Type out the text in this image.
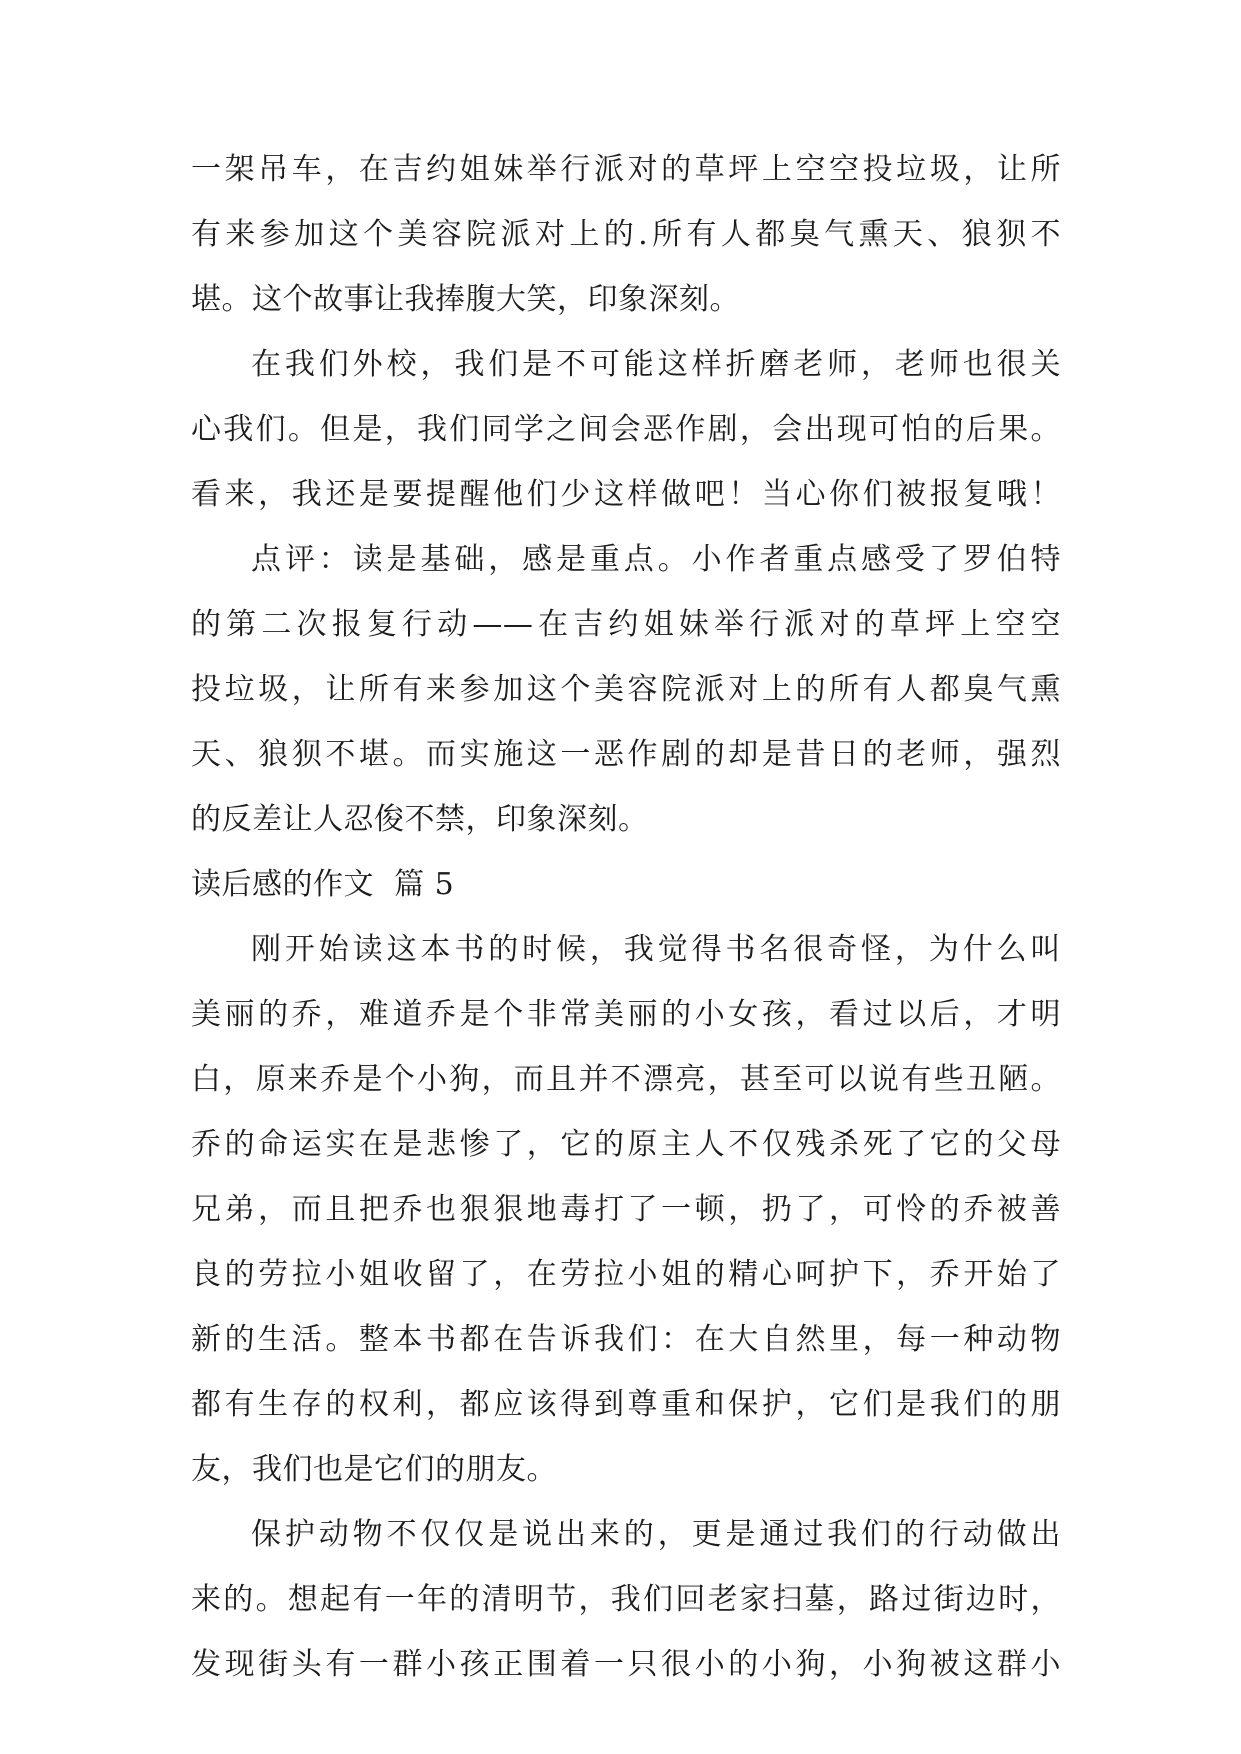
一架吊车，在吉约姐妹举行派对的草坪上空空投垃圾，让所
有来参加这个美容院派对上的.所有人都臭气熏天、狼狈不
堪。这个故事让我捧腹大笑，印象深刻。
在我们外校，我们是不可能这样折磨老师，老师也很关
心我们。但是，我们同学之间会恶作剧，会出现可怕的后果。
看来，我还是要提醒他们少这样做吧！当心你们被报复哦！
点评：读是基础，感是重点。小作者重点感受了罗伯特
的第二次报复行动——在吉约姐妹举行派对的草坪上空空
投垃圾，让所有来参加这个美容院派对上的所有人都臭气熏
天、狼狈不堪。而实施这一恶作剧的却是昔日的老师，强烈
的反差让人忍俊不禁，印象深刻。
读后感的作文  篇 5
刚开始读这本书的时候，我觉得书名很奇怪，为什么叫
美丽的乔，难道乔是个非常美丽的小女孩，看过以后，才明
白，原来乔是个小狗，而且并不漂亮，甚至可以说有些丑陋。
乔的命运实在是悲惨了，它的原主人不仅残杀死了它的父母
兄弟，而且把乔也狠狠地毒打了一顿，扔了，可怜的乔被善
良的劳拉小姐收留了，在劳拉小姐的精心呵护下，乔开始了
新的生活。整本书都在告诉我们：在大自然里，每一种动物
都有生存的权利，都应该得到尊重和保护，它们是我们的朋
友，我们也是它们的朋友。
保护动物不仅仅是说出来的，更是通过我们的行动做出
来的。想起有一年的清明节，我们回老家扫墓，路过街边时，
发现街头有一群小孩正围着一只很小的小狗，小狗被这群小
